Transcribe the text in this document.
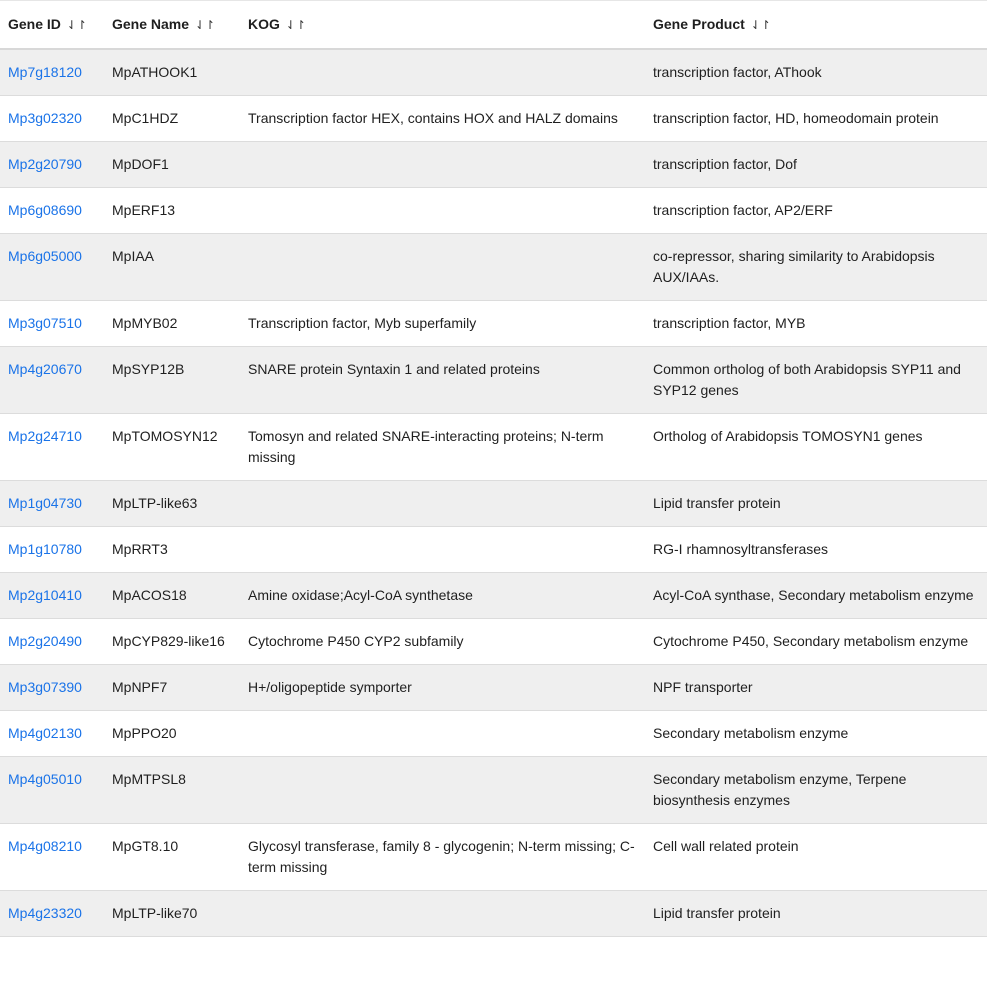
Gene ID ⇃↾	Gene Name ⇃↾	KOG ⇃↾	Gene Product ⇃↾
Mp7g18120	MpATHOOK1		transcription factor, AThook
Mp3g02320	MpC1HDZ	Transcription factor HEX, contains HOX and HALZ domains	transcription factor, HD, homeodomain protein
Mp2g20790	MpDOF1		transcription factor, Dof
Mp6g08690	MpERF13		transcription factor, AP2/ERF
Mp6g05000	MpIAA		co-repressor, sharing similarity to Arabidopsis AUX/IAAs.
Mp3g07510	MpMYB02	Transcription factor, Myb superfamily	transcription factor, MYB
Mp4g20670	MpSYP12B	SNARE protein Syntaxin 1 and related proteins	Common ortholog of both Arabidopsis SYP11 and SYP12 genes
Mp2g24710	MpTOMOSYN12	Tomosyn and related SNARE-interacting proteins; N-term missing	Ortholog of Arabidopsis TOMOSYN1 genes
Mp1g04730	MpLTP-like63		Lipid transfer protein
Mp1g10780	MpRRT3		RG-I rhamnosyltransferases
Mp2g10410	MpACOS18	Amine oxidase;Acyl-CoA synthetase	Acyl-CoA synthase, Secondary metabolism enzyme
Mp2g20490	MpCYP829-like16	Cytochrome P450 CYP2 subfamily	Cytochrome P450, Secondary metabolism enzyme
Mp3g07390	MpNPF7	H+/oligopeptide symporter	NPF transporter
Mp4g02130	MpPPO20		Secondary metabolism enzyme
Mp4g05010	MpMTPSL8		Secondary metabolism enzyme, Terpene biosynthesis enzymes
Mp4g08210	MpGT8.10	Glycosyl transferase, family 8 - glycogenin; N-term missing; C-term missing	Cell wall related protein
Mp4g23320	MpLTP-like70		Lipid transfer protein
